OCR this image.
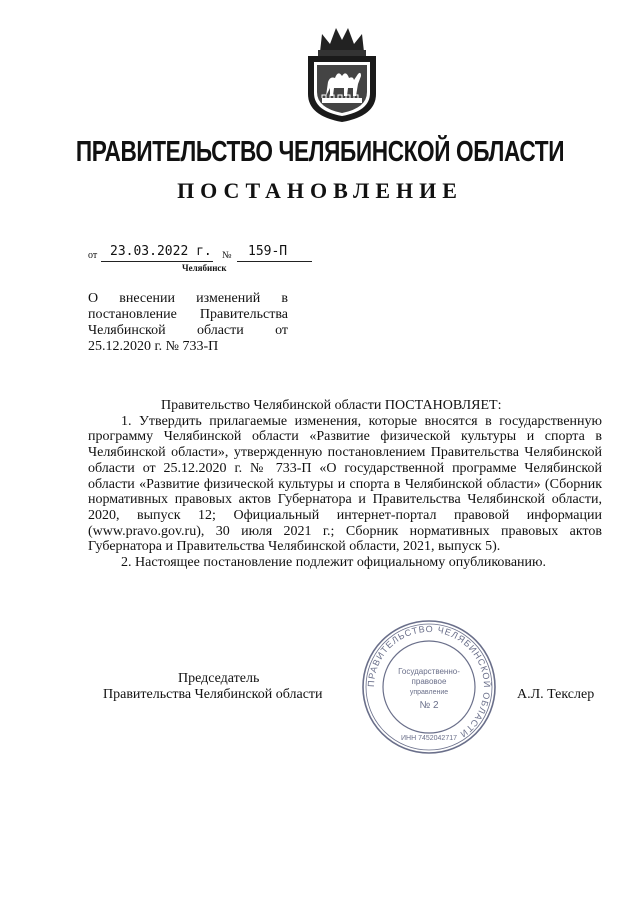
ПРАВИТЕЛЬСТВО ЧЕЛЯБИНСКОЙ ОБЛАСТИ
ПОСТАНОВЛЕНИЕ
от 23.03.2022 г. № 159-П
Челябинск
О внесении изменений в постановление Правительства Челябинской области от 25.12.2020 г. № 733-П

Правительство Челябинской области ПОСТАНОВЛЯЕТ:

1. Утвердить прилагаемые изменения, которые вносятся в государственную программу Челябинской области «Развитие физической культуры и спорта в Челябинской области», утвержденную постановлением Правительства Челябинской области от 25.12.2020 г. № 733-П «О государственной программе Челябинской области «Развитие физической культуры и спорта в Челябинской области» (Сборник нормативных правовых актов Губернатора и Правительства Челябинской области, 2020, выпуск 12; Официальный интернет-портал правовой информации (www.pravo.gov.ru), 30 июля 2021 г.; Сборник нормативных правовых актов Губернатора и Правительства Челябинской области, 2021, выпуск 5).

2. Настоящее постановление подлежит официальному опубликованию.

Председатель
Правительства Челябинской области	А.Л. Текслер
ПРАВИТЕЛЬСТВО ЧЕЛЯБИНСКОЙ ОБЛАСТИ
Государственно-
правовое
управление
№ 2
ИНН 7452042717
